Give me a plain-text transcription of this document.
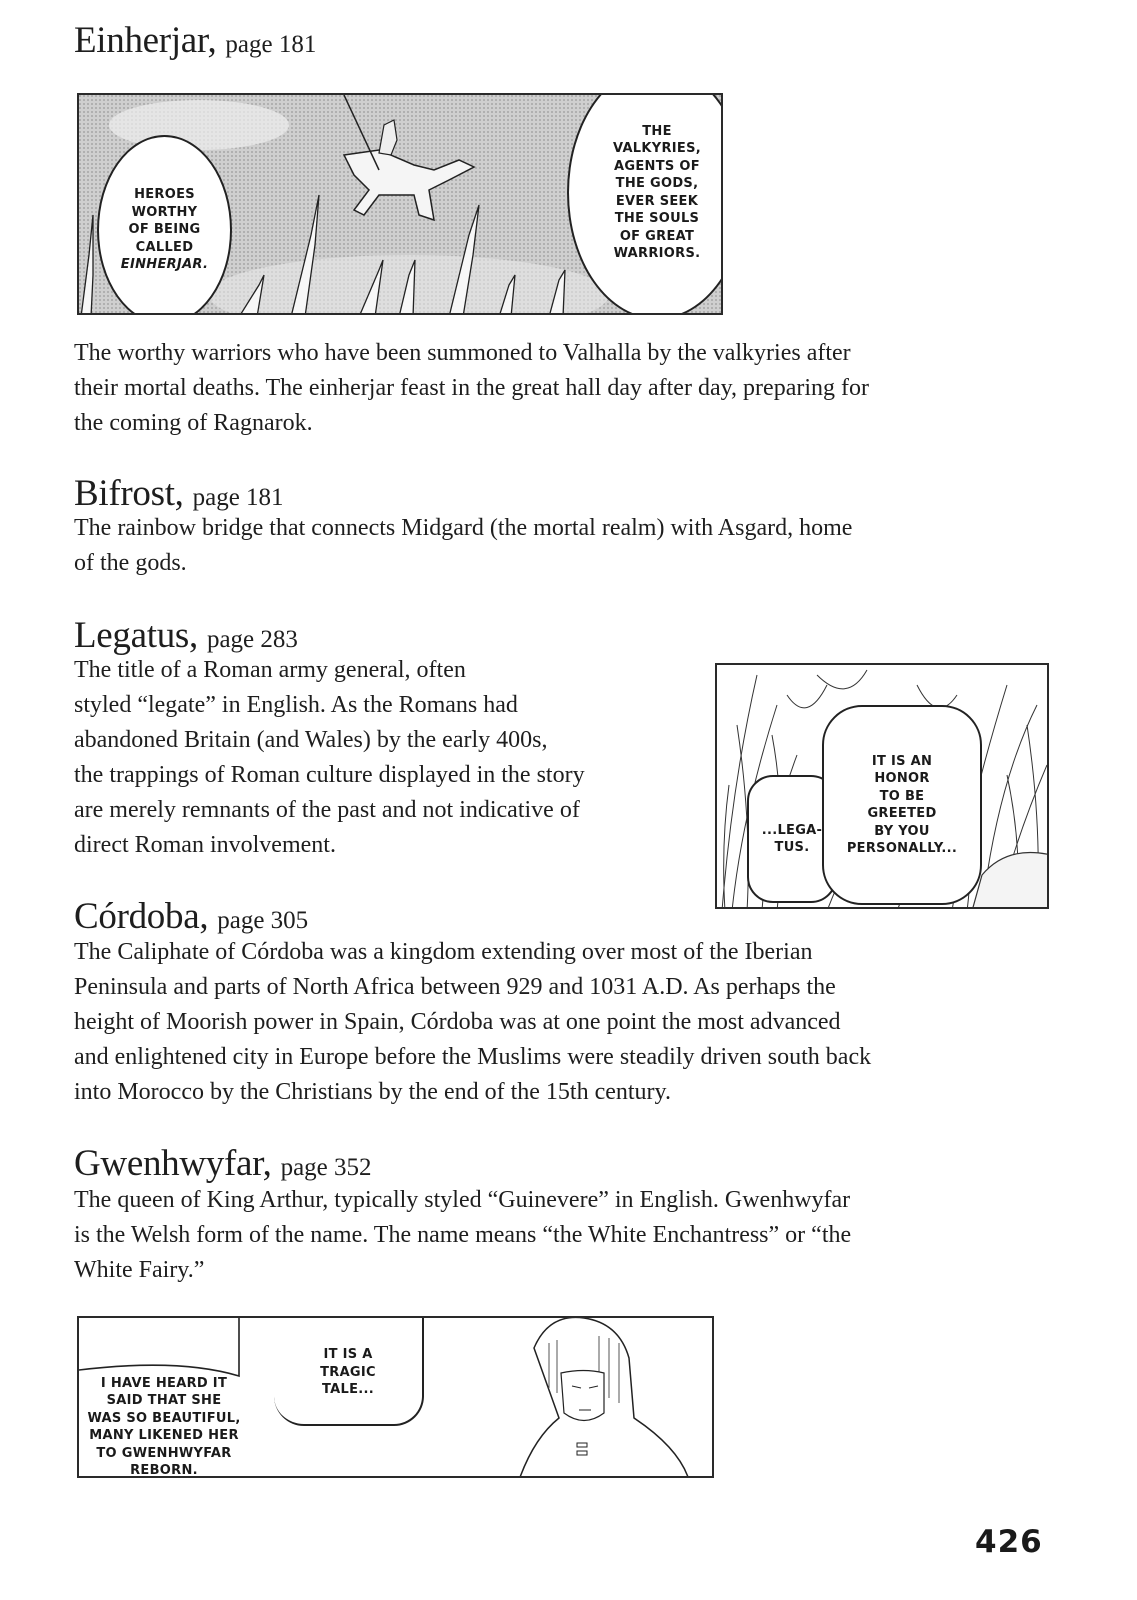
Einherjar, page 181
HEROES
WORTHY
OF BEING
CALLED
EINHERJAR.
THE
VALKYRIES,
AGENTS OF
THE GODS,
EVER SEEK
THE SOULS
OF GREAT
WARRIORS.
The worthy warriors who have been summoned to Valhalla by the valkyries after
their mortal deaths. The einherjar feast in the great hall day after day, preparing for
the coming of Ragnarok.
Bifrost, page 181
The rainbow bridge that connects Midgard (the mortal realm) with Asgard, home
of the gods.
Legatus, page 283
The title of a Roman army general, often
styled “legate” in English. As the Romans had
abandoned Britain (and Wales) by the early 400s,
the trappings of Roman culture displayed in the story
are merely remnants of the past and not indicative of
direct Roman involvement.
...LEGA-
TUS.
IT IS AN
HONOR
TO BE
GREETED
BY YOU
PERSONALLY...
Córdoba, page 305
The Caliphate of Córdoba was a kingdom extending over most of the Iberian
Peninsula and parts of North Africa between 929 and 1031 A.D. As perhaps the
height of Moorish power in Spain, Córdoba was at one point the most advanced
and enlightened city in Europe before the Muslims were steadily driven south back
into Morocco by the Christians by the end of the 15th century.
Gwenhwyfar, page 352
The queen of King Arthur, typically styled “Guinevere” in English. Gwenhwyfar
is the Welsh form of the name. The name means “the White Enchantress” or “the
White Fairy.”
I HAVE HEARD IT
SAID THAT SHE
WAS SO BEAUTIFUL,
MANY LIKENED HER
TO GWENHWYFAR
REBORN.
IT IS A
TRAGIC
TALE...
426
